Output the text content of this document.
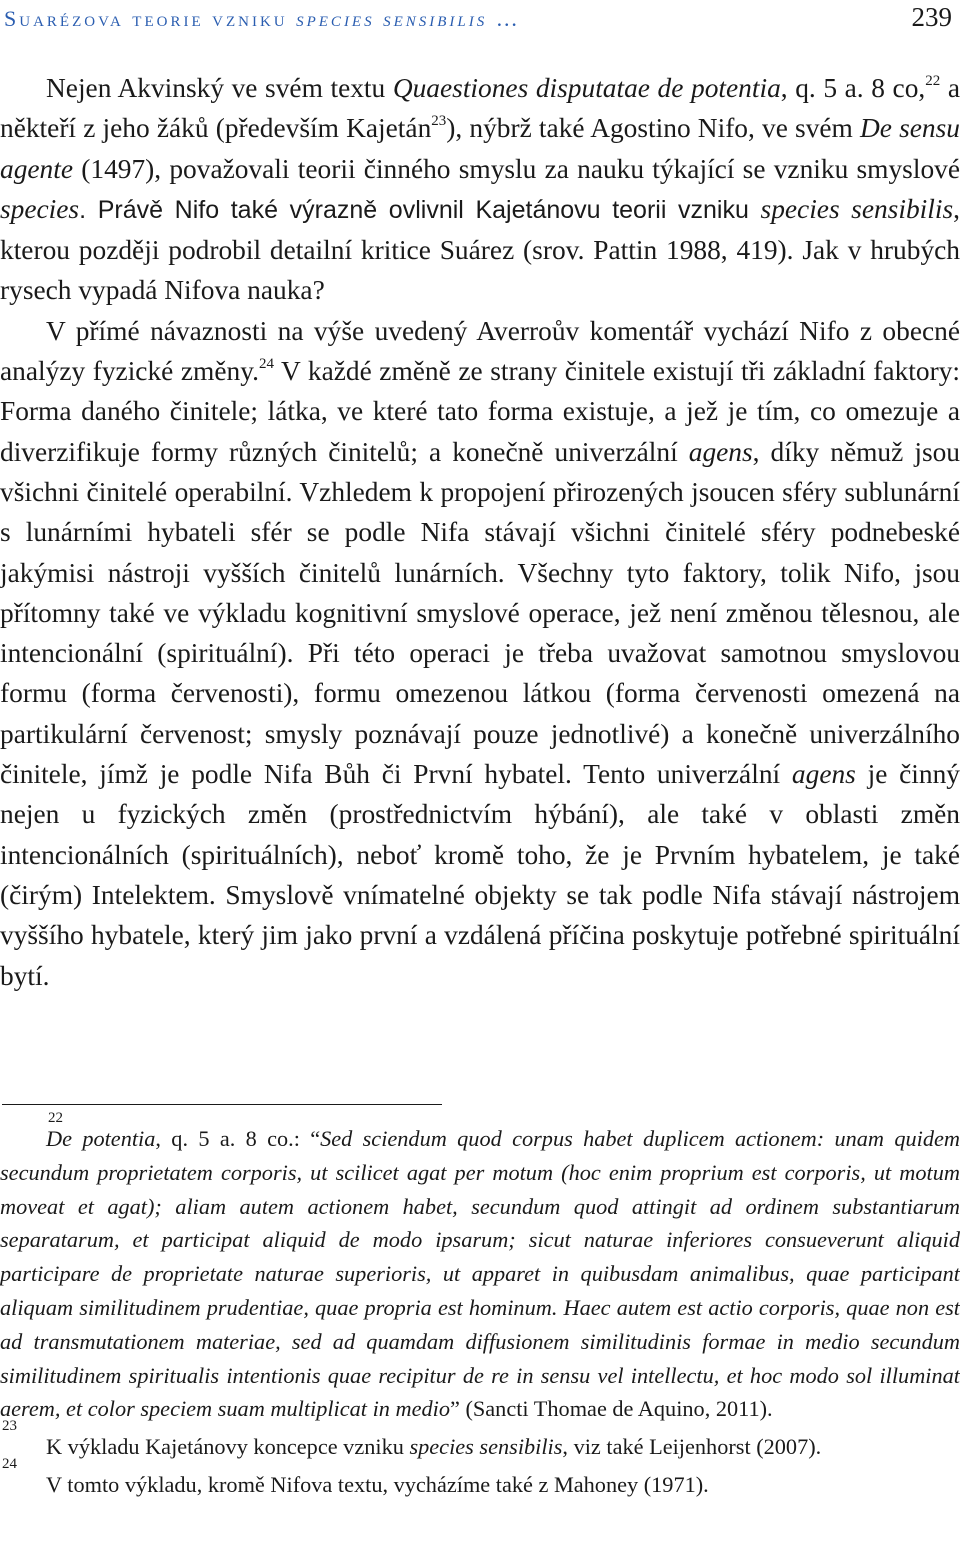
Suarézova teorie vzniku species sensibilis …	239

Nejen Akvinský ve svém textu Quaestiones disputatae de potentia, q. 5 a. 8 co,$^{22}$ a někteří z jeho žáků (především Kajetán$^{23}$), nýbrž také Agostino Nifo, ve svém De sensu agente (1497), považovali teorii činného smyslu za nauku týkající se vzniku smyslové species. Právě Nifo také výrazně ovlivnil Kajetánovu teorii vzniku species sensibilis, kterou později podrobil detailní kritice Suárez (srov. Pattin 1988, 419). Jak v hrubých rysech vypadá Nifova nauka?

V přímé návaznosti na výše uvedený Averroův komentář vychází Nifo z obecné analýzy fyzické změny.$^{24}$ V každé změně ze strany činitele existují tři základní faktory: Forma daného činitele; látka, ve které tato forma existuje, a jež je tím, co omezuje a diverzifikuje formy různých činitelů; a konečně univerzální agens, díky němuž jsou všichni činitelé operabilní. Vzhledem k propojení přirozených jsoucen sféry sublunární s lunárními hybateli sfér se podle Nifa stávají všichni činitelé sféry podnebeské jakýmisi nástroji vyšších činitelů lunárních. Všechny tyto faktory, tolik Nifo, jsou přítomny také ve výkladu kognitivní smyslové operace, jež není změnou tělesnou, ale intencionální (spirituální). Při této operaci je třeba uvažovat samotnou smyslovou formu (forma červenosti), formu omezenou látkou (forma červenosti omezená na partikulární červenost; smysly poznávají pouze jednotlivé) a konečně univerzálního činitele, jímž je podle Nifa Bůh či První hybatel. Tento univerzální agens je činný nejen u fyzických změn (prostřednictvím hýbání), ale také v oblasti změn intencionálních (spirituálních), neboť kromě toho, že je Prvním hybatelem, je také (čirým) Intelektem. Smyslově vnímatelné objekty se tak podle Nifa stávají nástrojem vyššího hybatele, který jim jako první a vzdálená příčina poskytuje potřebné spirituální bytí.

22
De potentia, q. 5 a. 8 co.: “Sed sciendum quod corpus habet duplicem actionem: unam quidem secundum proprietatem corporis, ut scilicet agat per motum (hoc enim proprium est corporis, ut motum moveat et agat); aliam autem actionem habet, secundum quod attingit ad ordinem substantiarum separatarum, et participat aliquid de modo ipsarum; sicut naturae inferiores consueverunt aliquid participare de proprietate naturae superioris, ut apparet in quibusdam animalibus, quae participant aliquam similitudinem prudentiae, quae propria est hominum. Haec autem est actio corporis, quae non est ad transmutationem materiae, sed ad quamdam diffusionem similitudinis formae in medio secundum similitudinem spiritualis intentionis quae recipitur de re in sensu vel intellectu, et hoc modo sol illuminat aerem, et color speciem suam multiplicat in medio” (Sancti Thomae de Aquino, 2011).

23
K výkladu Kajetánovy koncepce vzniku species sensibilis, viz také Leijenhorst (2007).

24
V tomto výkladu, kromě Nifova textu, vycházíme také z Mahoney (1971).
